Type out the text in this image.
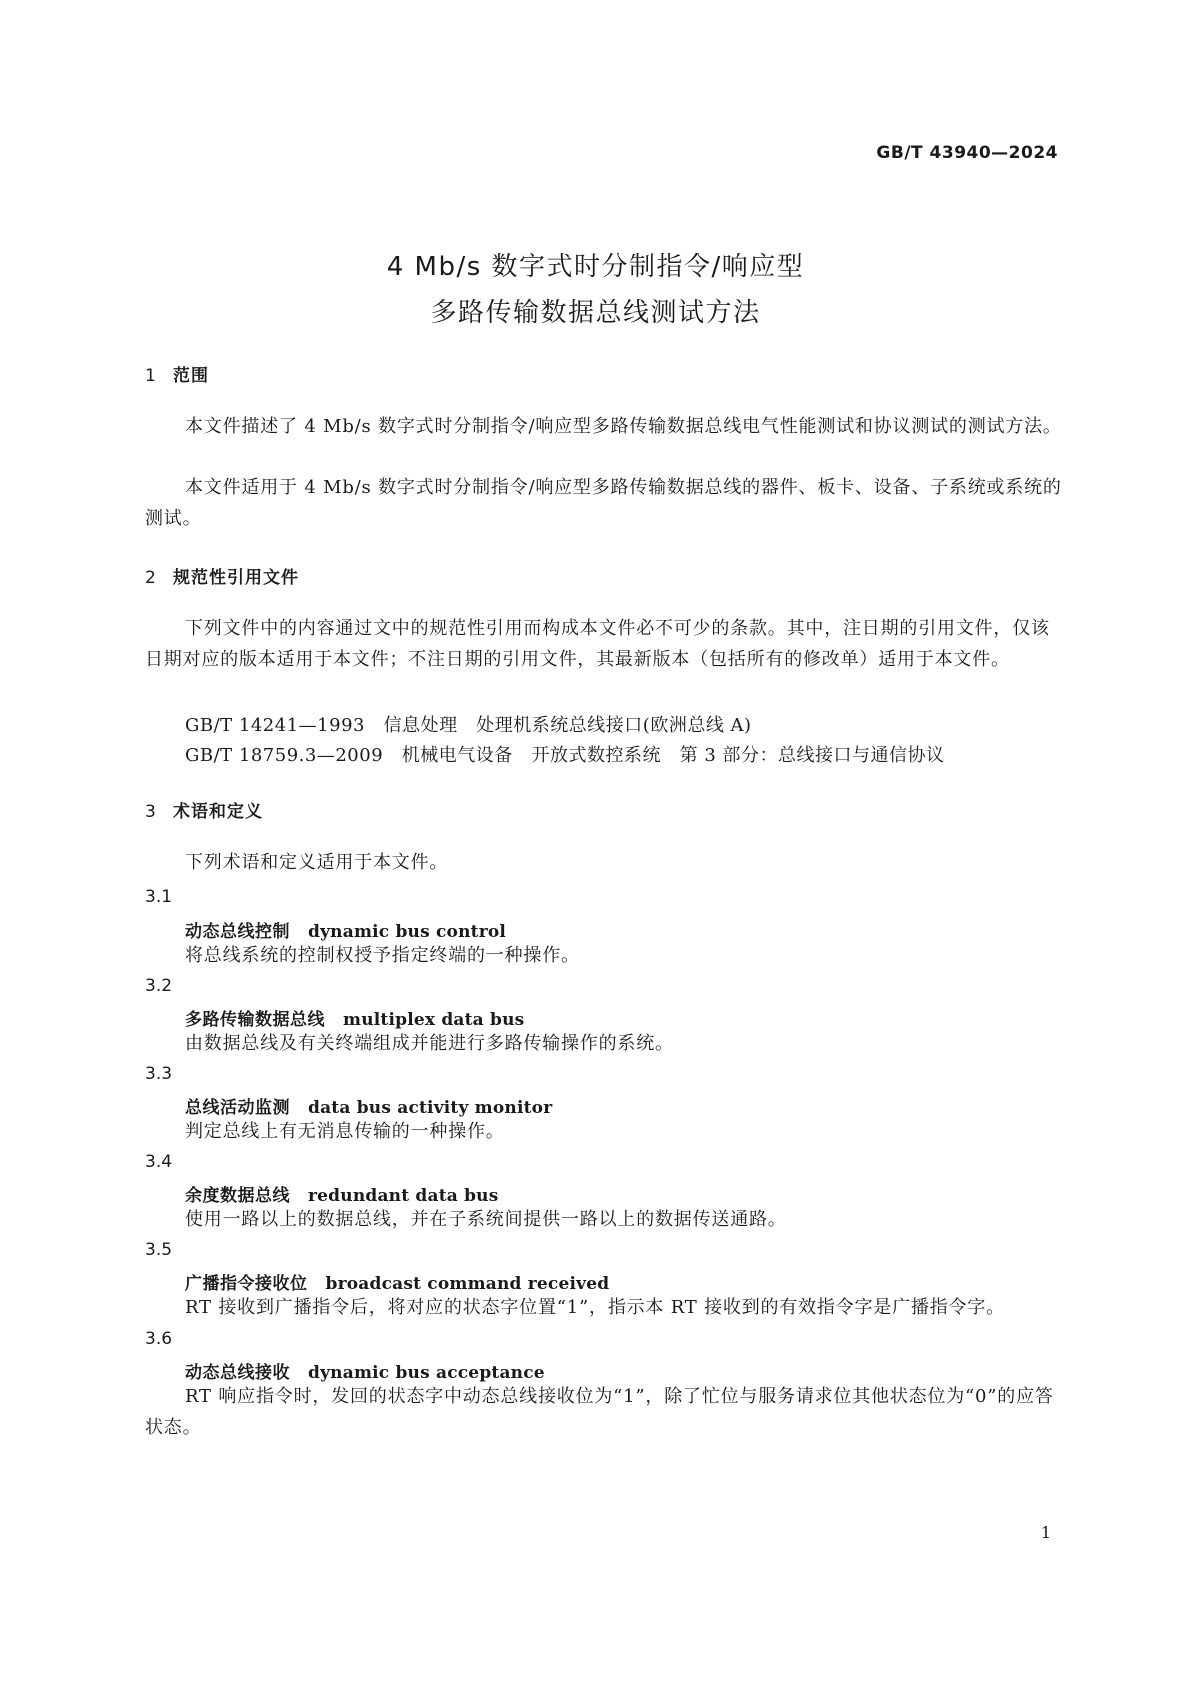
GB/T 43940—2024
4 Mb/s 数字式时分制指令/响应型
多路传输数据总线测试方法
1 范围

本文件描述了 4 Mb/s 数字式时分制指令/响应型多路传输数据总线电气性能测试和协议测试的测试方法。

本文件适用于 4 Mb/s 数字式时分制指令/响应型多路传输数据总线的器件、板卡、设备、子系统或系统的测试。

2 规范性引用文件

下列文件中的内容通过文中的规范性引用而构成本文件必不可少的条款。其中，注日期的引用文件，仅该日期对应的版本适用于本文件；不注日期的引用文件，其最新版本（包括所有的修改单）适用于本文件。

GB/T 14241—1993   信息处理   处理机系统总线接口(欧洲总线 A)
GB/T 18759.3—2009   机械电气设备   开放式数控系统   第 3 部分：总线接口与通信协议
3 术语和定义

下列术语和定义适用于本文件。

3.1
动态总线控制 dynamic bus control

将总线系统的控制权授予指定终端的一种操作。

3.2
多路传输数据总线 multiplex data bus

由数据总线及有关终端组成并能进行多路传输操作的系统。

3.3
总线活动监测 data bus activity monitor

判定总线上有无消息传输的一种操作。

3.4
余度数据总线 redundant data bus

使用一路以上的数据总线，并在子系统间提供一路以上的数据传送通路。

3.5
广播指令接收位 broadcast command received

RT 接收到广播指令后，将对应的状态字位置“1”，指示本 RT 接收到的有效指令字是广播指令字。

3.6
动态总线接收 dynamic bus acceptance

RT 响应指令时，发回的状态字中动态总线接收位为“1”，除了忙位与服务请求位其他状态位为“0”的应答状态。

1
